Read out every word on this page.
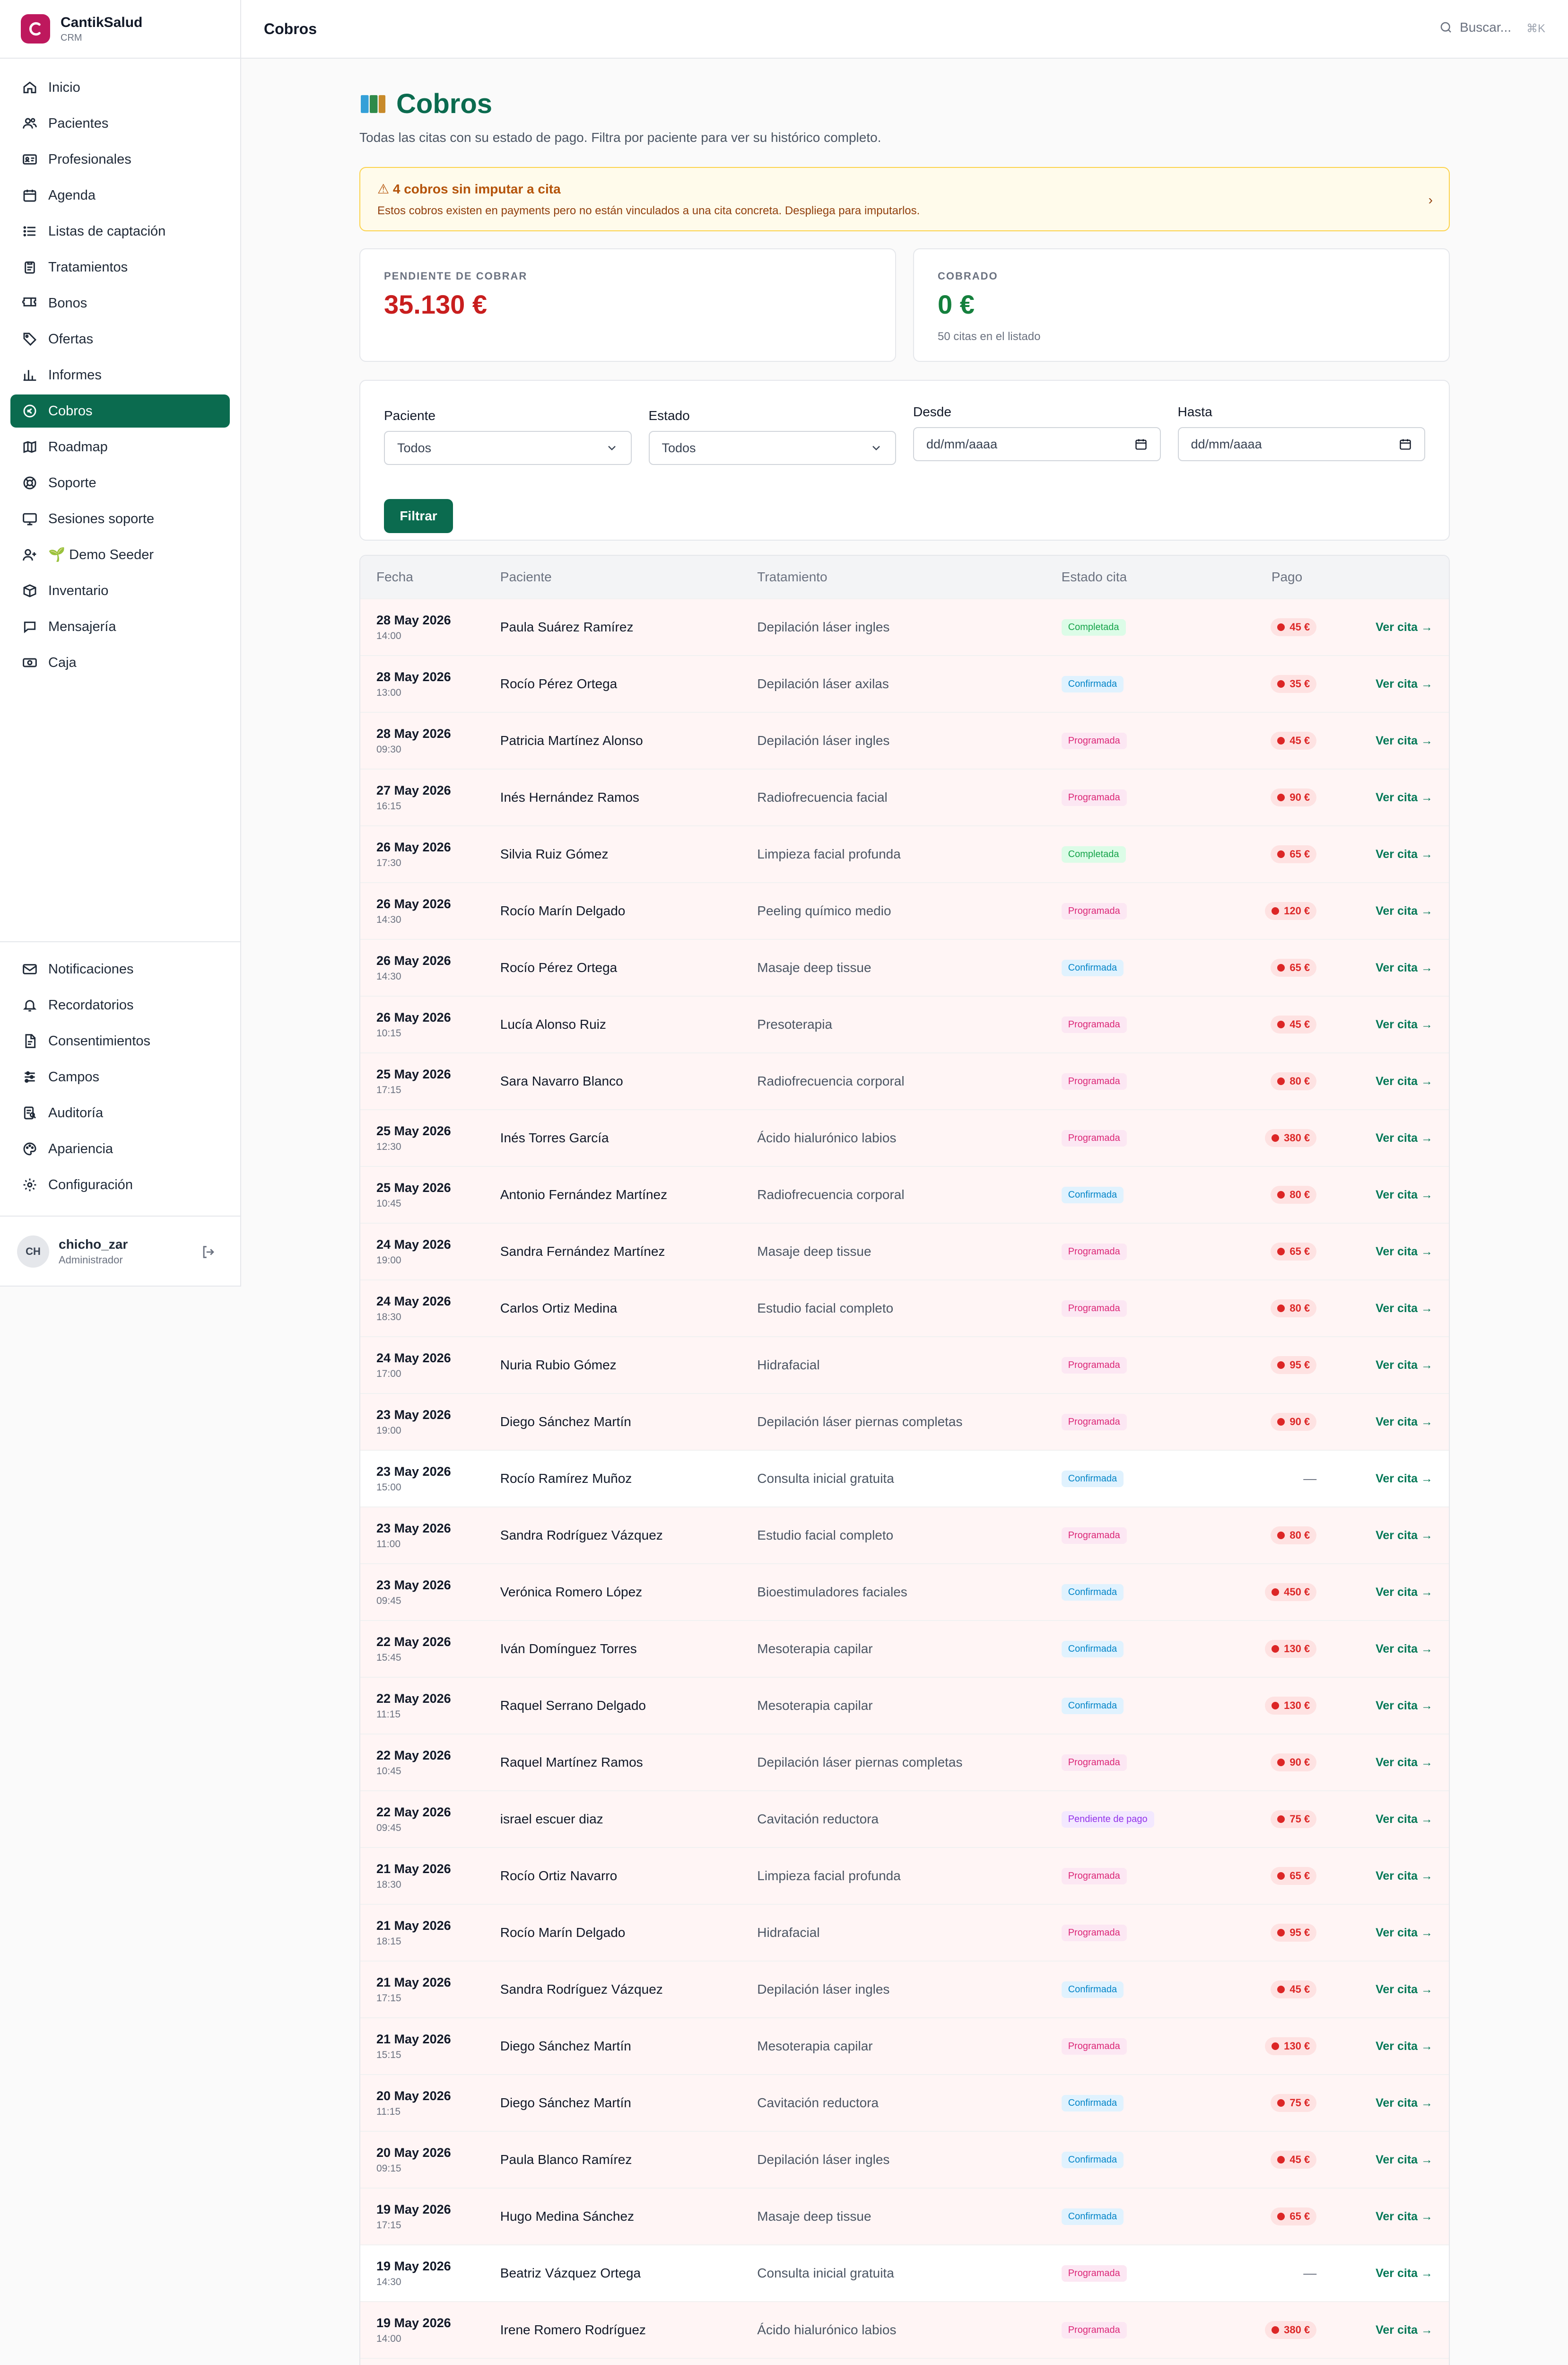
CantikSalud
CRM
Inicio
Pacientes
Profesionales
Agenda
Listas de captación
Tratamientos
Bonos
Ofertas
Informes
Cobros
Roadmap
Soporte
Sesiones soporte
🌱 Demo Seeder
Inventario
Mensajería
Caja
Notificaciones
Recordatorios
Consentimientos
Campos
Auditoría
Apariencia
Configuración
CH	chicho_zar
Administrador
Cobros	Buscar... ⌘K
Cobros
Todas las citas con su estado de pago. Filtra por paciente para ver su histórico completo.
⚠ 4 cobros sin imputar a cita
Estos cobros existen en payments pero no están vinculados a una cita concreta. Despliega para imputarlos.
›
PENDIENTE DE COBRAR
35.130 €
COBRADO
0 €
50 citas en el listado
Paciente
Todos
Estado
Todos
Desde
dd/mm/aaaa
Hasta
dd/mm/aaaa
Filtrar
Fecha	Paciente	Tratamiento	Estado cita	Pago
28 May 2026
14:00
Paula Suárez Ramírez	Depilación láser ingles	Completada	45 €	Ver cita →
28 May 2026
13:00
Rocío Pérez Ortega	Depilación láser axilas	Confirmada	35 €	Ver cita →
28 May 2026
09:30
Patricia Martínez Alonso	Depilación láser ingles	Programada	45 €	Ver cita →
27 May 2026
16:15
Inés Hernández Ramos	Radiofrecuencia facial	Programada	90 €	Ver cita →
26 May 2026
17:30
Silvia Ruiz Gómez	Limpieza facial profunda	Completada	65 €	Ver cita →
26 May 2026
14:30
Rocío Marín Delgado	Peeling químico medio	Programada	120 €	Ver cita →
26 May 2026
14:30
Rocío Pérez Ortega	Masaje deep tissue	Confirmada	65 €	Ver cita →
26 May 2026
10:15
Lucía Alonso Ruiz	Presoterapia	Programada	45 €	Ver cita →
25 May 2026
17:15
Sara Navarro Blanco	Radiofrecuencia corporal	Programada	80 €	Ver cita →
25 May 2026
12:30
Inés Torres García	Ácido hialurónico labios	Programada	380 €	Ver cita →
25 May 2026
10:45
Antonio Fernández Martínez	Radiofrecuencia corporal	Confirmada	80 €	Ver cita →
24 May 2026
19:00
Sandra Fernández Martínez	Masaje deep tissue	Programada	65 €	Ver cita →
24 May 2026
18:30
Carlos Ortiz Medina	Estudio facial completo	Programada	80 €	Ver cita →
24 May 2026
17:00
Nuria Rubio Gómez	Hidrafacial	Programada	95 €	Ver cita →
23 May 2026
19:00
Diego Sánchez Martín	Depilación láser piernas completas	Programada	90 €	Ver cita →
23 May 2026
15:00
Rocío Ramírez Muñoz	Consulta inicial gratuita	Confirmada	—	Ver cita →
23 May 2026
11:00
Sandra Rodríguez Vázquez	Estudio facial completo	Programada	80 €	Ver cita →
23 May 2026
09:45
Verónica Romero López	Bioestimuladores faciales	Confirmada	450 €	Ver cita →
22 May 2026
15:45
Iván Domínguez Torres	Mesoterapia capilar	Confirmada	130 €	Ver cita →
22 May 2026
11:15
Raquel Serrano Delgado	Mesoterapia capilar	Confirmada	130 €	Ver cita →
22 May 2026
10:45
Raquel Martínez Ramos	Depilación láser piernas completas	Programada	90 €	Ver cita →
22 May 2026
09:45
israel escuer diaz	Cavitación reductora	Pendiente de pago	75 €	Ver cita →
21 May 2026
18:30
Rocío Ortiz Navarro	Limpieza facial profunda	Programada	65 €	Ver cita →
21 May 2026
18:15
Rocío Marín Delgado	Hidrafacial	Programada	95 €	Ver cita →
21 May 2026
17:15
Sandra Rodríguez Vázquez	Depilación láser ingles	Confirmada	45 €	Ver cita →
21 May 2026
15:15
Diego Sánchez Martín	Mesoterapia capilar	Programada	130 €	Ver cita →
20 May 2026
11:15
Diego Sánchez Martín	Cavitación reductora	Confirmada	75 €	Ver cita →
20 May 2026
09:15
Paula Blanco Ramírez	Depilación láser ingles	Confirmada	45 €	Ver cita →
19 May 2026
17:15
Hugo Medina Sánchez	Masaje deep tissue	Confirmada	65 €	Ver cita →
19 May 2026
14:30
Beatriz Vázquez Ortega	Consulta inicial gratuita	Programada	—	Ver cita →
19 May 2026
14:00
Irene Romero Rodríguez	Ácido hialurónico labios	Programada	380 €	Ver cita →
